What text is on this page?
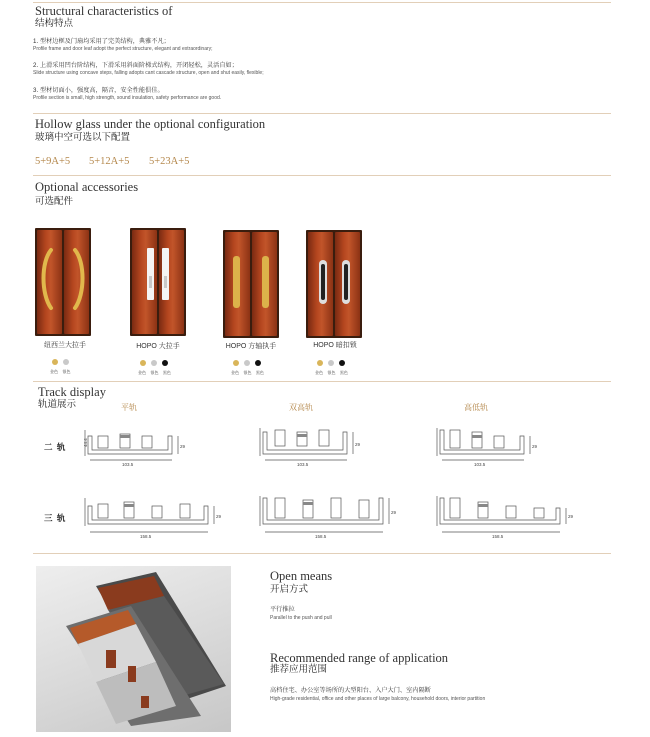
Structural characteristics of
结构特点
1. 型材边框及门扇均采用了完美结构，典雅不凡；
Profile frame and door leaf adopt the perfect structure, elegant and extraordinary;
2. 上滑采用凹台阶结构，下滑采用斜面阶梯式结构，开闭轻松，灵活自如；
Slide structure using concave steps, falling adopts cant cascade structure, open and shut easily, flexible;
3. 型材切面小，强度高，隔音，安全性能俱佳。
Profile section is small, high strength, sound insulation, safety performance are good.
Hollow glass under the optional configuration
玻璃中空可选以下配置
5+9A+5 5+12A+5 5+23A+5
Optional accessories
可选配件
纽西兰大拉手	HOPO 大拉手	HOPO 方轴执手	HOPO 暗扣锁
金色 银色	金色 银色 黑色	金色 银色 黑色	金色 银色 黑色
Track display
轨道展示	平轨	双高轨	高低轨
二 轨
三 轨
44.4	29
103.5
29
103.5
29
103.5
29
158.5
29
158.5
29
158.5
Open means
开启方式
平行推拉
Parallel to the push and pull
Recommended range of application
推荐应用范围
高档住宅、办公室等场所的大型阳台、入户大门、室内隔断
High-grade residential, office and other places of large balcony, household doors, interior partition
